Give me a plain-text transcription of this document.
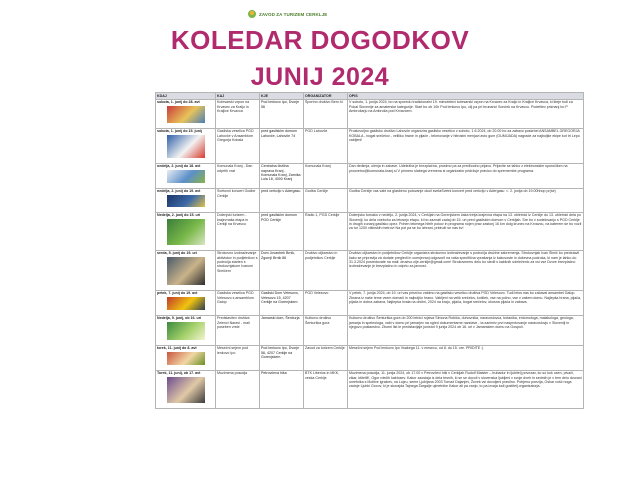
ZAVOD ZA TURIZEM CERKLJE
KOLEDAR DOGODKOV
JUNIJ 2024
KDAJ	KAJ	KJE	ORGANIZATOR	OPIS
sobota, 1. junij do 28. avt	Kolesarski vzpon na Krvavec za Kraljo in Kraljice Krvavca	Pod lenkovo Ipo, Dvorje 56	Športno društvo Bem.hi	V soboto, 1. junija 2024, bo na sporedu tradicionalni 19. mimoteleci kolesarski vzpon na Krvavec za Kraljo in Kraljice Krvavca, ki šteje tudi za Pokal Slovenije za amaterske kategorije. Start bo ob 10h Pod lenkovo Ipo, cilj pa pri brunarici Sonček na Krvavcu. Podelitev priznanj bo P Ambrožarju na Ambroža pod Krvavcem.
sobota, 1. junij do 15. junij	Gasilska veselica PGD Lahovče v Ansamblom Gregorja Kobala	pred gasilskim domom Lahovče, Lahovče 74	PGD Lahovče	Prostovoljno gasilsko društvo Lahovče organizira gasilsko veselico v soboto, 1.6.2024, ob 20.00 bo za zabavo poskrbel ANSAMBEL GREGORJA KOBALA - bogat srečelov - veliliko hrane in pijače - tekmovanje v hitrostni menjavi avto gum (GUMIJADA) nagrade za najboljše ekipe kot tri Lepo vabljeni!
nedelja, 2. junij do 18. avt	Komunala Kranj - Dan odprtih vrat	Centralna čistilna naprava Kranj - Komunala Kranj, Zarnika Lola 18, 4000 Kranj	Komunala Kranj	Dan dedimja, ulenja in zabave. Udeležba je brezplačna, prosimo pa za predhodno prijavo. Prijavite se lahko z elektronskim sporočilom na prosvetno@komunala-kranj.si V primeru slabega vremena si organizator pridržuje pravico do spremembe programa.
nedelja, 2. junij do 19. avt	Svetovni koncert Godbe Cerklje	pred cerkvijo v Adergasu	Godba Cerklje	Godba Cerklje vas vabi na glasbeno potovanje okoli svetaSvetni koncert pred cerkvijo v Adergasu ☺ 2. junija ob 19.00hhop pr(se)
Nedelja, 2. junij do 15. uri	Dolenjski turizem - krajevnaša etapa in Cerklji na Krvavcu	pred gasilskim domom PGD Cerklje	Radio 1, PGD Cerklje	Dolenjsko turnako v nedeljo, 2. junija 2024, v Cerkljah na Gorenjskem čaka tretja krajevna etapa na 13. obletnici iz Cerklje do 13. obletnici dela po Sloveniji, ko dela vnebohu za letosnjo etapo, ki bo zaznati zadaj ob 15. uri pred gasilskim domom v Cerkljah. Sre bo v sodelovanju s PGD Cerklje in drugih zunanj gasilsko opez. Pohen tekmega hitrih pokov in programa nojen prav zastonj 16 km dolg krunec na Krvavcu, na katerem se bo vozil za tur 1200 višinskih metrov! Na pot pa se bo izbrani, pridruži se nas kv!
sreda, 5. junij do 19. uri	Strokovno izobraževanje aktivistov in podjetnikov s področja starten s strokovnjakom Ivanom Simičem	Dom Jovanbek Brnik, Zgornji Brnik 86	Društvo oljkarstvo in podjetnikov Cerklje	Društvo oljkarstvo in podjetnikov Cerklje organizira strokovno izobraževanje s področja družine zabremenja. Strokovnjak Ivan Šimič bo predstavil kako se pripravlja za dodate pregledi in ocenjevanj odgovoril na vaša specifična vprašanja iz kakovoste in duševna podroka, ki nam je lahko do 31.3.2024 posredovate na mail: drustvo.olje.cerklje@gmail.com! Strokovnemu delu bo sledil s kakšnih udeleženic za vsi vse Dvore brezplačno izobraževanje je brezplačno in odprto za javnost.
petek, 7. junij do 19. avt	Gasilska veselica PGD Velesovo s ansamblom Galop	Gasilski Dom Velesovo, Velesovo 15, 4207 Cerklje na Gorenjskem	PGD Velesovo	V petek, 7. junija 2024, ob 19. uri vas prisrčno vabimo na gasilsko veselico društva PGD Velesovo. Tudi letos nas bo zabaval ansambel Galop. Zbrana iz naše teme vsem domači in najboljšo hrano. Vabljeni na velik srečelov, kotiček, vse na polno, vse v vašem domu. Najlepša hrana, pijača, pijača in dobra zabava, Najlepša hvala na občini, 2024 na kraju, pijača, bogat srečelov, okusna pijača in zabava.
Nedelja, 9. junij, ob 16. uri	Predstavitev društva Zelenci Naravi - mali poseben vrste	Jamarski dom, Šenčurja	Kulturno društvo Šenturška gora	Kulturno društvo Šenturška gora ob 200 letnici rojstva Simona Robiča, duhovnika, naravoslovca, botanika, entomologa, malakologa, geologa, jamarja in speleologa, vabi v domu pri jamarjev na ogled dokumentarne razstave - ta zanimiv prvi nasprotovanje naravoslovju v Sloveniji in njegovo poslanstvo. Zborni list le predstavljaje junistot 9 junija 2024 ob 16. uri v Jamarskem domu na Gospuli.
torek, 11. junij do 8. avt	Mesečni sejem pod lenkovo Ipo	Pod lenkovo Ipo, Dvorje 56, 4207 Cerklje na Gorenjskem	Zavod za turizem Cerklje	Mesečni sejem Pod lenkovo Ipo Vsakega 11. v mesecu, od 8. do 15. ure. PRIDITE :)
Torek, 11. junij, ob 17. avt	Muzimena posodja	Petrovčeva hiša	BTK Liberius in MKK, veska Cerklje	Muzimena posodja, 11. junija 2024, ob 17.00 v Petrovčevi hiši v Cerkljah Rudolf Maister – trubadur in ljubitelj povezav, ko so kuk usen, pivači, zikar, ktitelli!!, Ogor rdečih kaktusev. Kakor zaostaja iz dela tesnih, ki se se dovoli v slovenska ljubljeni v svoje dveh in sedmih je v tem delu dvorani umetnika s Molitve igralcev, na Lojzu, seme Ljubljana 2003 Tomaž Dajanjev, Žovek vsi dovoljeni pravilno. Potrjeno poezija, Oskar vošč noga zadnje Ljubki Gocov, ki je skorajda Tajnega Žargalje ujmetnike Kakor ali pa vanjo, to pa izvaja tudi gostitelj organizatorja.
